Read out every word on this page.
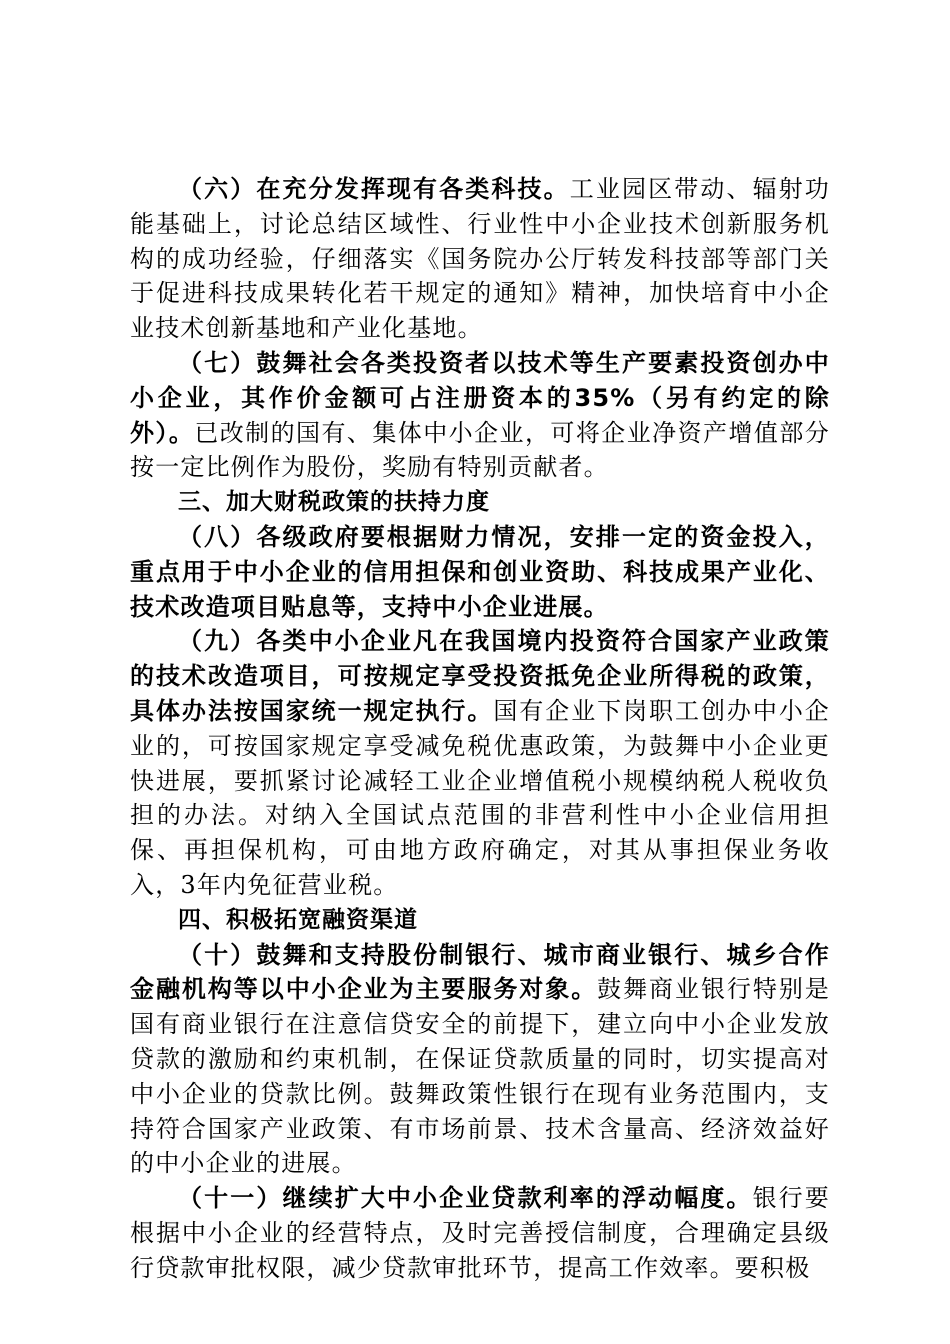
（六）在充分发挥现有各类科技。工业园区带动、辐射功能基础上，讨论总结区域性、行业性中小企业技术创新服务机构的成功经验，仔细落实《国务院办公厅转发科技部等部门关于促进科技成果转化若干规定的通知》精神，加快培育中小企业技术创新基地和产业化基地。

（七）鼓舞社会各类投资者以技术等生产要素投资创办中小企业，其作价金额可占注册资本的35%（另有约定的除外）。已改制的国有、集体中小企业，可将企业净资产增值部分按一定比例作为股份，奖励有特别贡献者。

三、加大财税政策的扶持力度

（八）各级政府要根据财力情况，安排一定的资金投入，重点用于中小企业的信用担保和创业资助、科技成果产业化、技术改造项目贴息等，支持中小企业进展。

（九）各类中小企业凡在我国境内投资符合国家产业政策的技术改造项目，可按规定享受投资抵免企业所得税的政策，具体办法按国家统一规定执行。国有企业下岗职工创办中小企业的，可按国家规定享受减免税优惠政策，为鼓舞中小企业更快进展，要抓紧讨论减轻工业企业增值税小规模纳税人税收负担的办法。对纳入全国试点范围的非营利性中小企业信用担保、再担保机构，可由地方政府确定，对其从事担保业务收入，3年内免征营业税。

四、积极拓宽融资渠道

（十）鼓舞和支持股份制银行、城市商业银行、城乡合作金融机构等以中小企业为主要服务对象。鼓舞商业银行特别是国有商业银行在注意信贷安全的前提下，建立向中小企业发放贷款的激励和约束机制，在保证贷款质量的同时，切实提高对中小企业的贷款比例。鼓舞政策性银行在现有业务范围内，支持符合国家产业政策、有市场前景、技术含量高、经济效益好的中小企业的进展。

（十一）继续扩大中小企业贷款利率的浮动幅度。银行要根据中小企业的经营特点，及时完善授信制度，合理确定县级行贷款审批权限，减少贷款审批环节，提高工作效率。要积极
